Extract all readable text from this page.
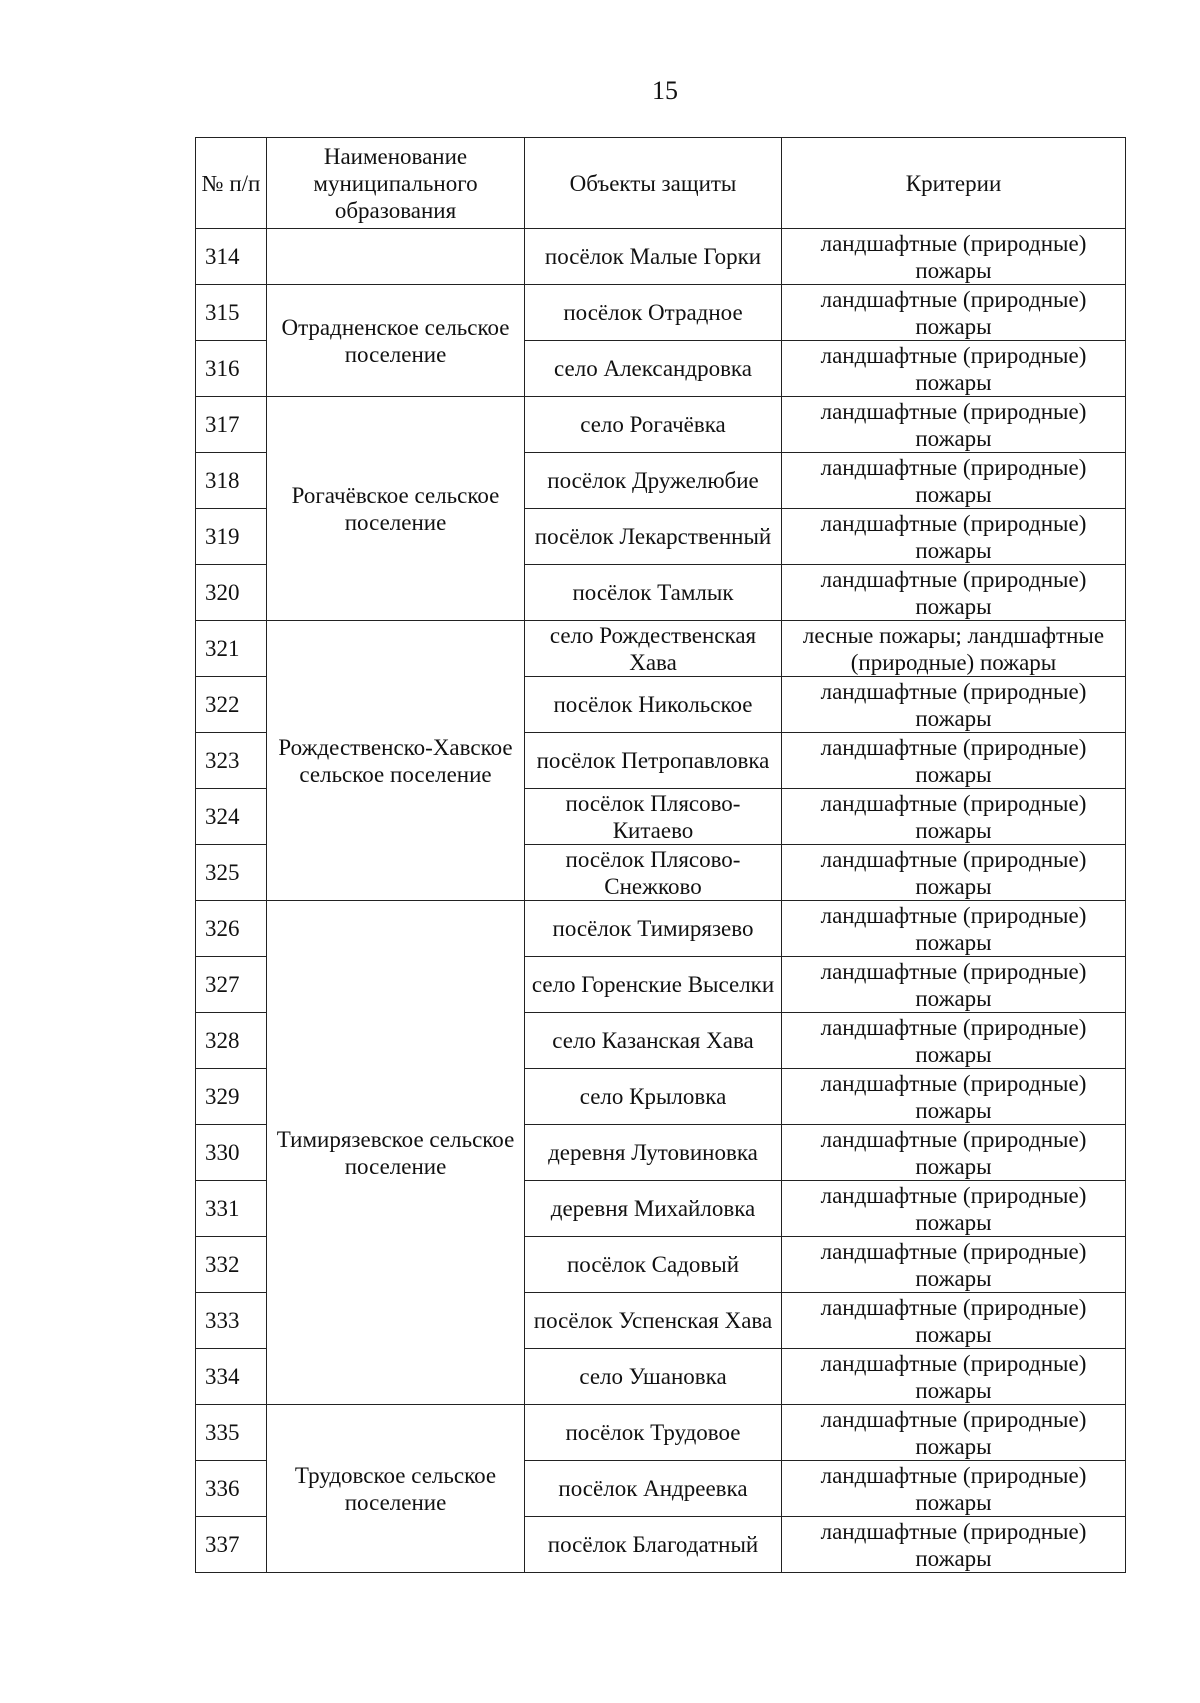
15
№ п/п	Наименование муниципального образования	Объекты защиты	Критерии
314		посёлок Малые Горки	ландшафтные (природные) пожары
315	Отрадненское сельское поселение	посёлок Отрадное	ландшафтные (природные) пожары
316		село Александровка	ландшафтные (природные) пожары
317	Рогачёвское сельское поселение	село Рогачёвка	ландшафтные (природные) пожары
318		посёлок Дружелюбие	ландшафтные (природные) пожары
319		посёлок Лекарственный	ландшафтные (природные) пожары
320		посёлок Тамлык	ландшафтные (природные) пожары
321	Рождественско-Хавское сельское поселение	село Рождественская Хава	лесные пожары; ландшафтные (природные) пожары
322		посёлок Никольское	ландшафтные (природные) пожары
323		посёлок Петропавловка	ландшафтные (природные) пожары
324		посёлок Плясово-Китаево	ландшафтные (природные) пожары
325		посёлок Плясово-Снежково	ландшафтные (природные) пожары
326	Тимирязевское сельское поселение	посёлок Тимирязево	ландшафтные (природные) пожары
327		село Горенские Выселки	ландшафтные (природные) пожары
328		село Казанская Хава	ландшафтные (природные) пожары
329		село Крыловка	ландшафтные (природные) пожары
330		деревня Лутовиновка	ландшафтные (природные) пожары
331		деревня Михайловка	ландшафтные (природные) пожары
332		посёлок Садовый	ландшафтные (природные) пожары
333		посёлок Успенская Хава	ландшафтные (природные) пожары
334		село Ушановка	ландшафтные (природные) пожары
335	Трудовское сельское поселение	посёлок Трудовое	ландшафтные (природные) пожары
336		посёлок Андреевка	ландшафтные (природные) пожары
337		посёлок Благодатный	ландшафтные (природные) пожары
